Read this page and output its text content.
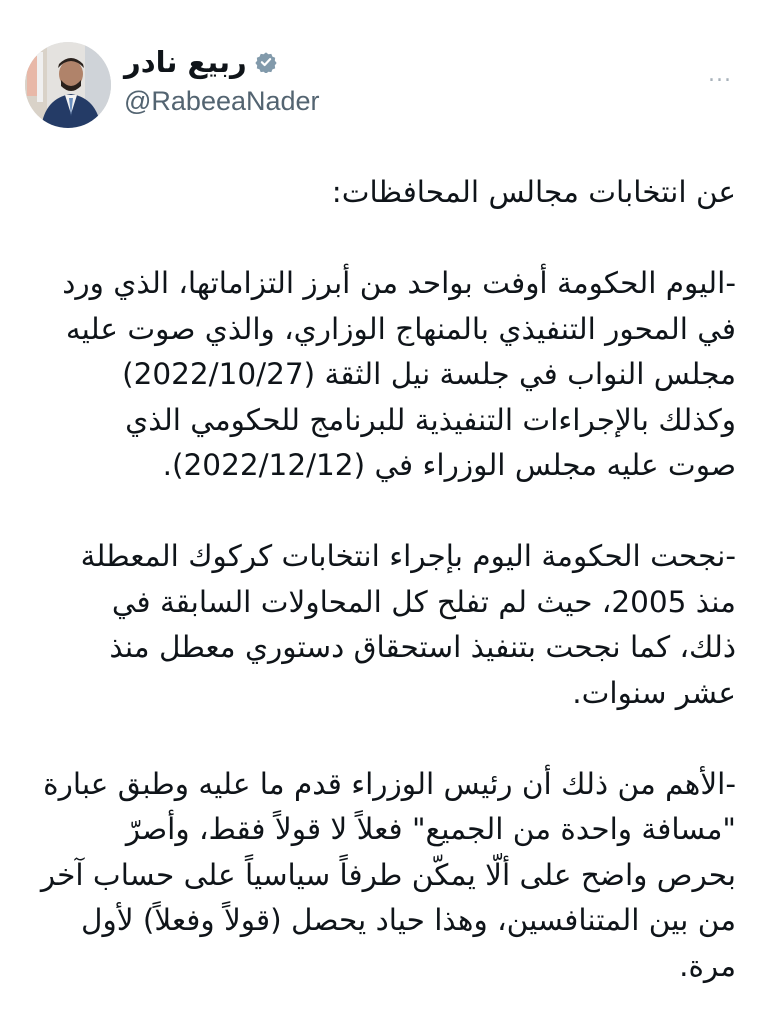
...
ربيع نادر
@RabeeaNader
عن انتخابات مجالس المحافظات:
-اليوم الحكومة أوفت بواحد من أبرز التزاماتها، الذي ورد
في المحور التنفيذي بالمنهاج الوزاري، والذي صوت عليه
مجلس النواب في جلسة نيل الثقة (2022/10/27)
وكذلك بالإجراءات التنفيذية للبرنامج للحكومي الذي
صوت عليه مجلس الوزراء في (2022/12/12).
-نجحت الحكومة اليوم بإجراء انتخابات كركوك المعطلة
منذ 2005، حيث لم تفلح كل المحاولات السابقة في
ذلك، كما نجحت بتنفيذ استحقاق دستوري معطل منذ
عشر سنوات.
-الأهم من ذلك أن رئيس الوزراء قدم ما عليه وطبق عبارة
"مسافة واحدة من الجميع" فعلاً لا قولاً فقط، وأصرّ
بحرص واضح على ألّا يمكّن طرفاً سياسياً على حساب آخر
من بين المتنافسين، وهذا حياد يحصل (قولاً وفعلاً) لأول
مرة.
